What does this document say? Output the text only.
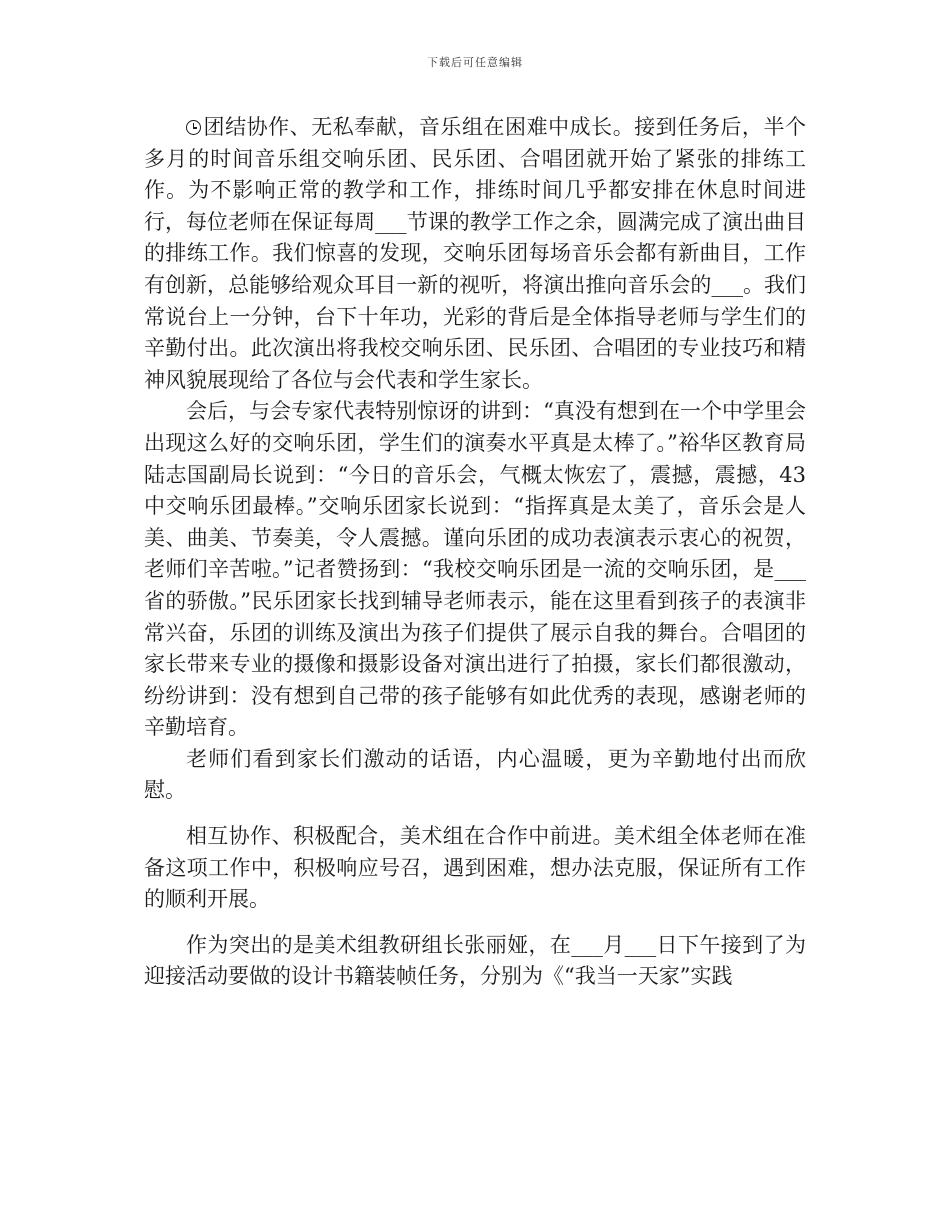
下载后可任意编辑

团结协作、无私奉献，音乐组在困难中成长。接到任务后，半个多月的时间音乐组交响乐团、民乐团、合唱团就开始了紧张的排练工作。为不影响正常的教学和工作，排练时间几乎都安排在休息时间进行，每位老师在保证每周___节课的教学工作之余，圆满完成了演出曲目的排练工作。我们惊喜的发现，交响乐团每场音乐会都有新曲目，工作有创新，总能够给观众耳目一新的视听，将演出推向音乐会的___。我们常说台上一分钟，台下十年功，光彩的背后是全体指导老师与学生们的辛勤付出。此次演出将我校交响乐团、民乐团、合唱团的专业技巧和精神风貌展现给了各位与会代表和学生家长。

会后，与会专家代表特别惊讶的讲到：“真没有想到在一个中学里会出现这么好的交响乐团，学生们的演奏水平真是太棒了。”裕华区教育局陆志国副局长说到：“今日的音乐会，气概太恢宏了，震撼，震撼，43中交响乐团最棒。”交响乐团家长说到：“指挥真是太美了，音乐会是人美、曲美、节奏美，令人震撼。谨向乐团的成功表演表示衷心的祝贺，老师们辛苦啦。”记者赞扬到：“我校交响乐团是一流的交响乐团，是___省的骄傲。”民乐团家长找到辅导老师表示，能在这里看到孩子的表演非常兴奋，乐团的训练及演出为孩子们提供了展示自我的舞台。合唱团的家长带来专业的摄像和摄影设备对演出进行了拍摄，家长们都很激动，纷纷讲到：没有想到自己带的孩子能够有如此优秀的表现，感谢老师的辛勤培育。

老师们看到家长们激动的话语，内心温暖，更为辛勤地付出而欣慰。

相互协作、积极配合，美术组在合作中前进。美术组全体老师在准备这项工作中，积极响应号召，遇到困难，想办法克服，保证所有工作的顺利开展。

作为突出的是美术组教研组长张丽娅，在___月___日下午接到了为迎接活动要做的设计书籍装帧任务，分别为《“我当一天家”实践
